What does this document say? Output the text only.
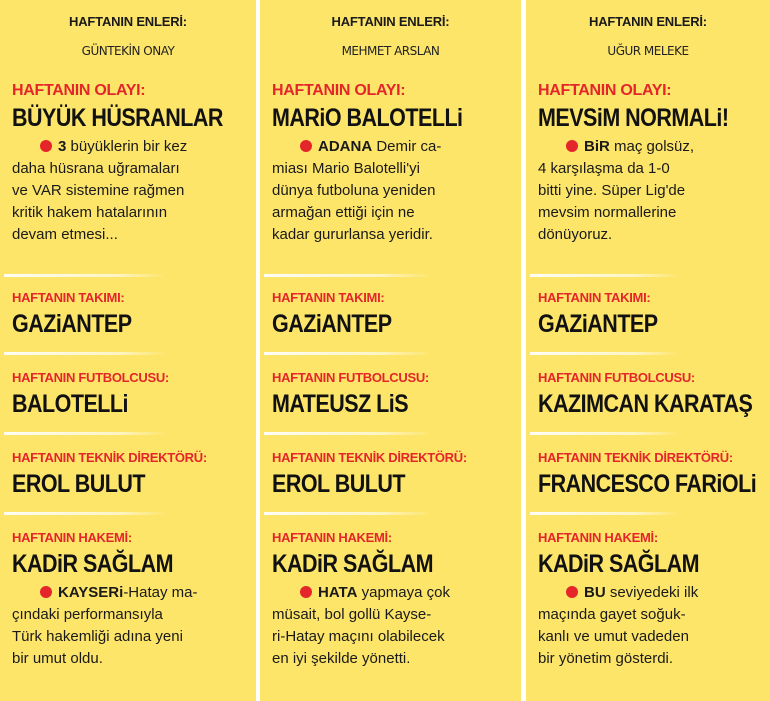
HAFTANIN ENLERİ:
GÜNTEKİN ONAY
HAFTANIN OLAYI:
BÜYÜK HÜSRANLAR
3 büyüklerin bir kez
daha hüsrana uğramaları
ve VAR sistemine rağmen
kritik hakem hatalarının
devam etmesi...
HAFTANIN TAKIMI:
GAZiANTEP
HAFTANIN FUTBOLCUSU:
BALOTELLi
HAFTANIN TEKNİK DİREKTÖRÜ:
EROL BULUT
HAFTANIN HAKEMİ:
KADiR SAĞLAM
KAYSERi-Hatay ma-
çındaki performansıyla
Türk hakemliği adına yeni
bir umut oldu.
HAFTANIN ENLERİ:
MEHMET ARSLAN
HAFTANIN OLAYI:
MARiO BALOTELLi
ADANA Demir ca-
miası Mario Balotelli'yi
dünya futboluna yeniden
armağan ettiği için ne
kadar gururlansa yeridir.
HAFTANIN TAKIMI:
GAZiANTEP
HAFTANIN FUTBOLCUSU:
MATEUSZ LiS
HAFTANIN TEKNİK DİREKTÖRÜ:
EROL BULUT
HAFTANIN HAKEMİ:
KADiR SAĞLAM
HATA yapmaya çok
müsait, bol gollü Kayse-
ri-Hatay maçını olabilecek
en iyi şekilde yönetti.
HAFTANIN ENLERİ:
UĞUR MELEKE
HAFTANIN OLAYI:
MEVSiM NORMALi!
BiR maç golsüz,
4 karşılaşma da 1-0
bitti yine. Süper Lig'de
mevsim normallerine
dönüyoruz.
HAFTANIN TAKIMI:
GAZiANTEP
HAFTANIN FUTBOLCUSU:
KAZIMCAN KARATAŞ
HAFTANIN TEKNİK DİREKTÖRÜ:
FRANCESCO FARiOLi
HAFTANIN HAKEMİ:
KADiR SAĞLAM
BU seviyedeki ilk
maçında gayet soğuk-
kanlı ve umut vadeden
bir yönetim gösterdi.
